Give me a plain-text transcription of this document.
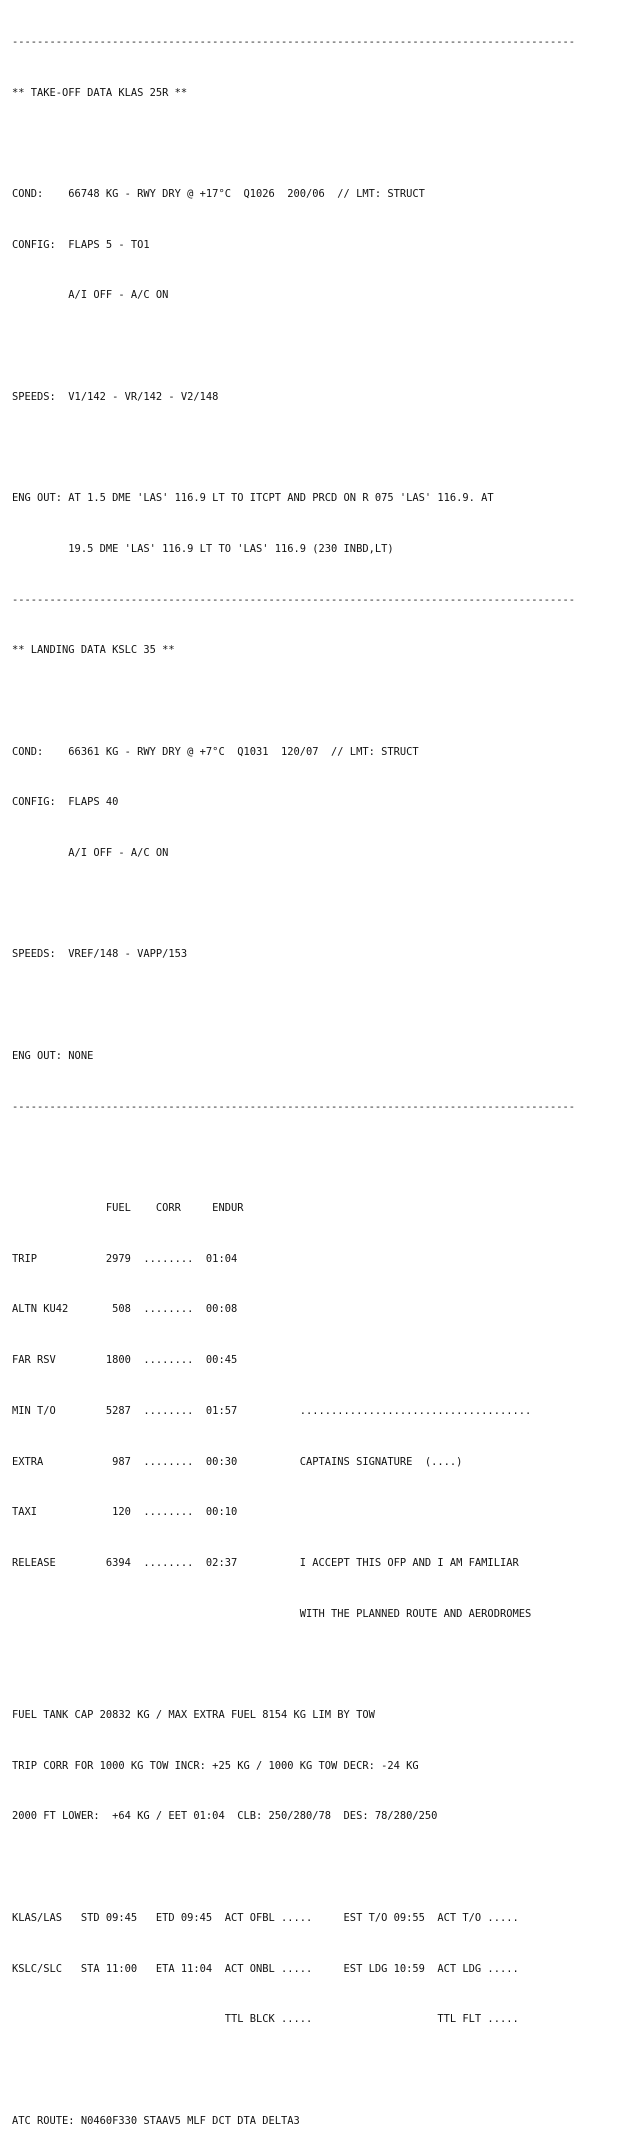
------------------------------------------------------------------------------------------

** TAKE-OFF DATA KLAS 25R **

COND:    66748 KG - RWY DRY @ +17°C  Q1026  200/06  // LMT: STRUCT

CONFIG:  FLAPS 5 - TO1

A/I OFF - A/C ON

SPEEDS:  V1/142 - VR/142 - V2/148

ENG OUT: AT 1.5 DME 'LAS' 116.9 LT TO ITCPT AND PRCD ON R 075 'LAS' 116.9. AT

19.5 DME 'LAS' 116.9 LT TO 'LAS' 116.9 (230 INBD,LT)

------------------------------------------------------------------------------------------

** LANDING DATA KSLC 35 **

COND:    66361 KG - RWY DRY @ +7°C  Q1031  120/07  // LMT: STRUCT

CONFIG:  FLAPS 40

A/I OFF - A/C ON

SPEEDS:  VREF/148 - VAPP/153

ENG OUT: NONE

------------------------------------------------------------------------------------------

FUEL    CORR     ENDUR

TRIP           2979  ........  01:04

ALTN KU42       508  ........  00:08

FAR RSV        1800  ........  00:45

MIN T/O        5287  ........  01:57          .....................................

EXTRA           987  ........  00:30          CAPTAINS SIGNATURE  (....)

TAXI            120  ........  00:10

RELEASE        6394  ........  02:37          I ACCEPT THIS OFP AND I AM FAMILIAR

WITH THE PLANNED ROUTE AND AERODROMES

FUEL TANK CAP 20832 KG / MAX EXTRA FUEL 8154 KG LIM BY TOW

TRIP CORR FOR 1000 KG TOW INCR: +25 KG / 1000 KG TOW DECR: -24 KG

2000 FT LOWER:  +64 KG / EET 01:04  CLB: 250/280/78  DES: 78/280/250

KLAS/LAS   STD 09:45   ETD 09:45  ACT OFBL .....     EST T/O 09:55  ACT T/O .....

KSLC/SLC   STA 11:00   ETA 11:04  ACT ONBL .....     EST LDG 10:59  ACT LDG .....

TTL BLCK .....                    TTL FLT .....

ATC ROUTE: N0460F330 STAAV5 MLF DCT DTA DELTA3
